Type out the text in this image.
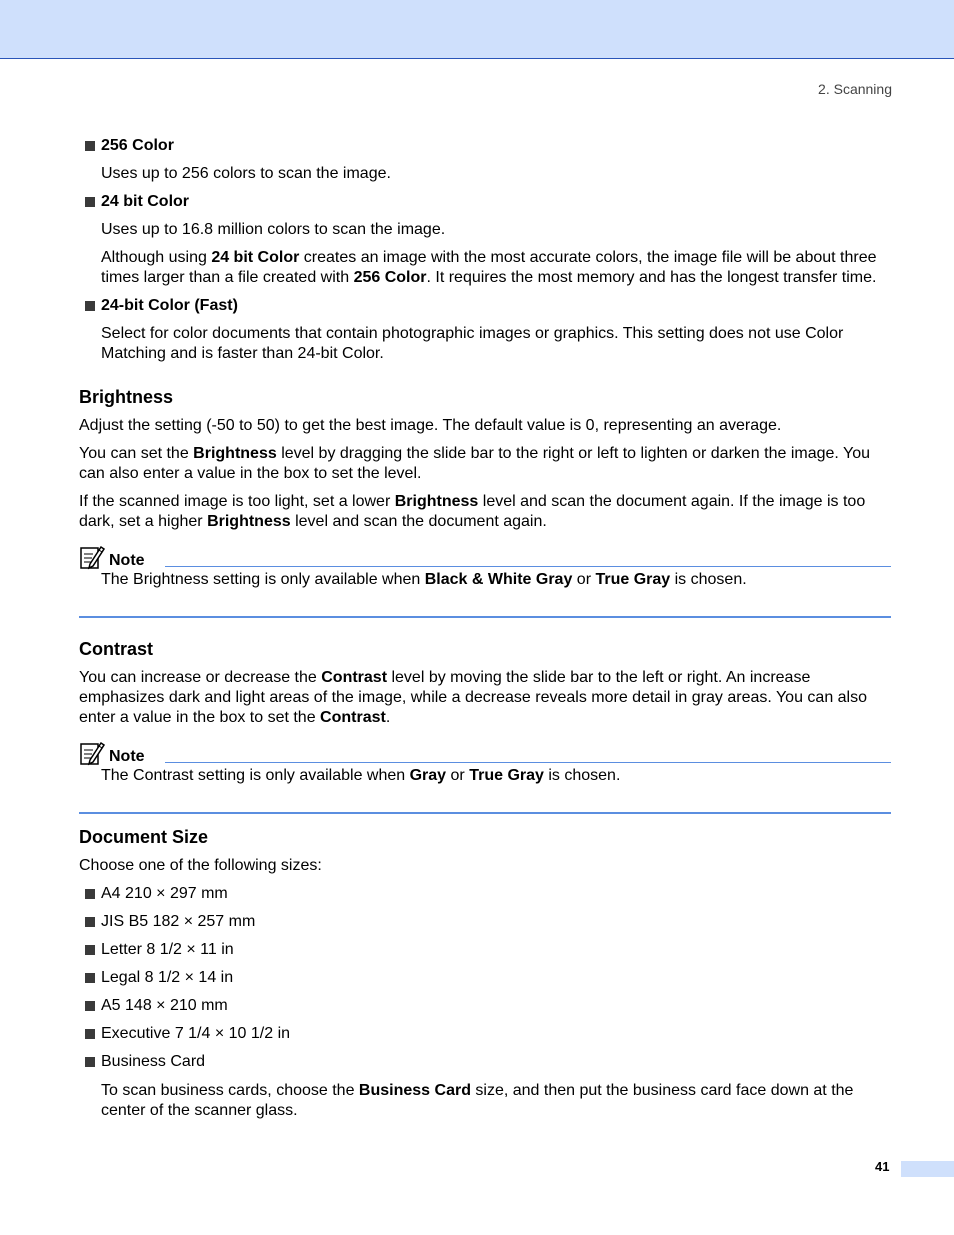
2. Scanning

256 Color

Uses up to 256 colors to scan the image.

24 bit Color

Uses up to 16.8 million colors to scan the image.

Although using 24 bit Color creates an image with the most accurate colors, the image file will be about three times larger than a file created with 256 Color. It requires the most memory and has the longest transfer time.

24-bit Color (Fast)

Select for color documents that contain photographic images or graphics. This setting does not use Color Matching and is faster than 24-bit Color.

Brightness

Adjust the setting (-50 to 50) to get the best image. The default value is 0, representing an average.

You can set the Brightness level by dragging the slide bar to the right or left to lighten or darken the image. You can also enter a value in the box to set the level.

If the scanned image is too light, set a lower Brightness level and scan the document again. If the image is too dark, set a higher Brightness level and scan the document again.

Note

The Brightness setting is only available when Black & White Gray or True Gray is chosen.

Contrast

You can increase or decrease the Contrast level by moving the slide bar to the left or right. An increase emphasizes dark and light areas of the image, while a decrease reveals more detail in gray areas. You can also enter a value in the box to set the Contrast.

Note

The Contrast setting is only available when Gray or True Gray is chosen.

Document Size

Choose one of the following sizes:

A4 210 × 297 mm

JIS B5 182 × 257 mm

Letter 8 1/2 × 11 in

Legal 8 1/2 × 14 in

A5 148 × 210 mm

Executive 7 1/4 × 10 1/2 in

Business Card

To scan business cards, choose the Business Card size, and then put the business card face down at the center of the scanner glass.

41
